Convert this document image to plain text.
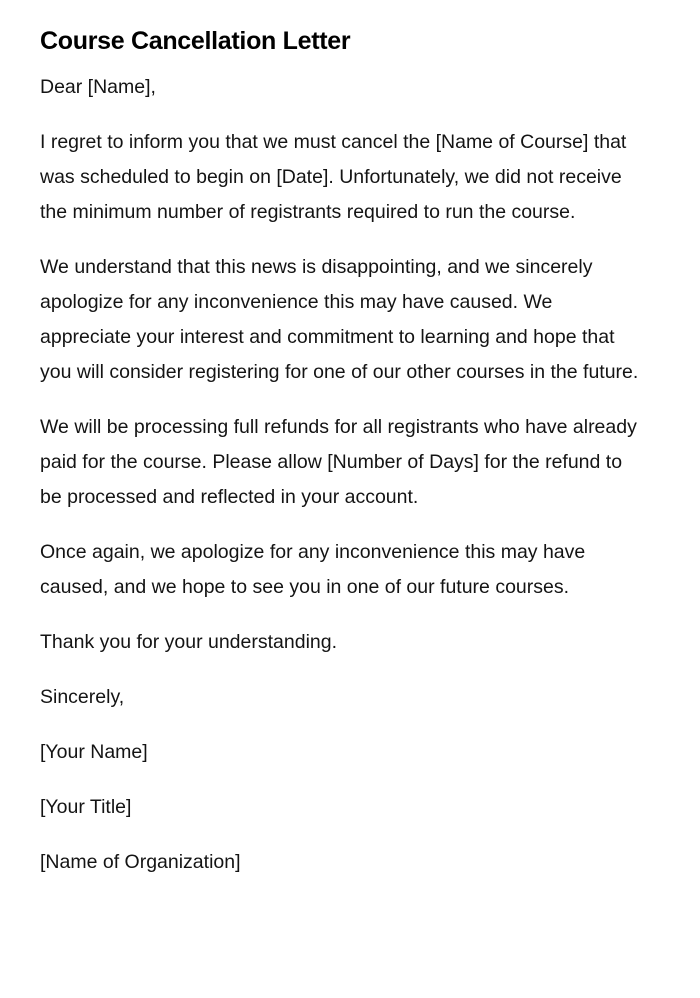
Course Cancellation Letter

Dear [Name],

I regret to inform you that we must cancel the [Name of Course] that was scheduled to begin on [Date]. Unfortunately, we did not receive the minimum number of registrants required to run the course.

We understand that this news is disappointing, and we sincerely apologize for any inconvenience this may have caused. We appreciate your interest and commitment to learning and hope that you will consider registering for one of our other courses in the future.

We will be processing full refunds for all registrants who have already paid for the course. Please allow [Number of Days] for the refund to be processed and reflected in your account.

Once again, we apologize for any inconvenience this may have caused, and we hope to see you in one of our future courses.

Thank you for your understanding.

Sincerely,

[Your Name]

[Your Title]

[Name of Organization]
